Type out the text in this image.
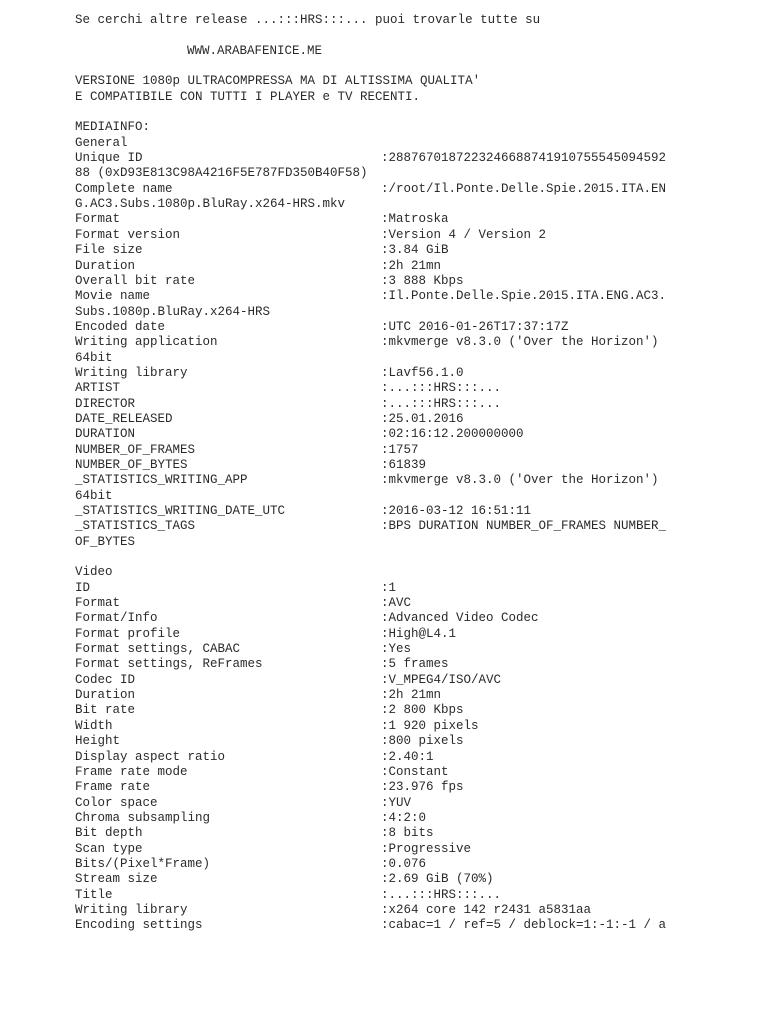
Se cerchi altre release ...:::HRS:::... puoi trovarle tutte su
WWW.ARABAFENICE.ME
VERSIONE 1080p ULTRACOMPRESSA MA DI ALTISSIMA QUALITA'
E COMPATIBILE CON TUTTI I PLAYER e TV RECENTI.
MEDIAINFO:
General
Unique ID	: 2887670187223246688741910755545094592
88 (0xD93E813C98A4216F5E787FD350B40F58)
Complete name	: /root/Il.Ponte.Delle.Spie.2015.ITA.EN
G.AC3.Subs.1080p.BluRay.x264-HRS.mkv
Format	: Matroska
Format version	: Version 4 / Version 2
File size	: 3.84 GiB
Duration	: 2h 21mn
Overall bit rate	: 3 888 Kbps
Movie name	: Il.Ponte.Delle.Spie.2015.ITA.ENG.AC3.
Subs.1080p.BluRay.x264-HRS
Encoded date	: UTC 2016-01-26T17:37:17Z
Writing application	: mkvmerge v8.3.0 ('Over the Horizon')
64bit
Writing library	: Lavf56.1.0
ARTIST	: ...:::HRS:::...
DIRECTOR	: ...:::HRS:::...
DATE_RELEASED	: 25.01.2016
DURATION	: 02:16:12.200000000
NUMBER_OF_FRAMES	: 1757
NUMBER_OF_BYTES	: 61839
_STATISTICS_WRITING_APP	: mkvmerge v8.3.0 ('Over the Horizon')
64bit
_STATISTICS_WRITING_DATE_UTC	: 2016-03-12 16:51:11
_STATISTICS_TAGS	: BPS DURATION NUMBER_OF_FRAMES NUMBER_
OF_BYTES
Video
ID	: 1
Format	: AVC
Format/Info	: Advanced Video Codec
Format profile	: High@L4.1
Format settings, CABAC	: Yes
Format settings, ReFrames	: 5 frames
Codec ID	: V_MPEG4/ISO/AVC
Duration	: 2h 21mn
Bit rate	: 2 800 Kbps
Width	: 1 920 pixels
Height	: 800 pixels
Display aspect ratio	: 2.40:1
Frame rate mode	: Constant
Frame rate	: 23.976 fps
Color space	: YUV
Chroma subsampling	: 4:2:0
Bit depth	: 8 bits
Scan type	: Progressive
Bits/(Pixel*Frame)	: 0.076
Stream size	: 2.69 GiB (70%)
Title	: ...:::HRS:::...
Writing library	: x264 core 142 r2431 a5831aa
Encoding settings	: cabac=1 / ref=5 / deblock=1:-1:-1 / a
